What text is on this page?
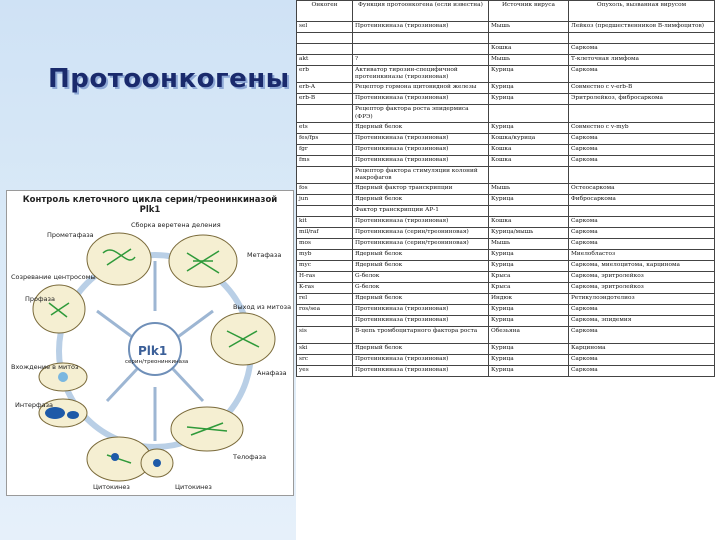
Протоонкогены
Контроль клеточного цикла серин/треонинкиназой Plk1
Plk1
серин/треонинкиназа
Сборка веретена деления
Прометафаза
Созревание центросомы
Метафаза
Профаза
Выход из митоза
Вхождение в митоз
Анафаза
Интерфаза
Телофаза
Цитокинез	Цитокинез
Онкоген	Функция протоонкогена (если известна)	Источник вируса	Опухоль, вызванная вирусом
sel	Протеинкиназа (тирозиновая)	Мышь	Лейкоз (предшественников В-лимфоцитов)

		Кошка	Саркома
akt	?	Мышь	Т-клеточная лимфома
erb	Активатор тирозин-специфичной протеинкиназы (тирозиновая)	Курица	Саркома
erb-A	Рецептор гормона щитовидной железы	Курица	Совместно с v-erb-B
erb-B	Протеинкиназа (тирозиновая)	Курица	Эритролейкоз, фибросаркома
	Рецептор фактора роста эпидермиса (ФРЭ)		
ets	Ядерный белок	Курица	Совместно с v-myb
fes/fps	Протеинкиназа (тирозиновая)	Кошка/курица	Саркома
fgr	Протеинкиназа (тирозиновая)	Кошка	Саркома
fms	Протеинкиназа (тирозиновая)	Кошка	Саркома
	Рецептор фактора стимуляции колоний макрофагов		
fos	Ядерный фактор транскрипции	Мышь	Остеосаркома
jun	Ядерный белок	Курица	Фибросаркома
	Фактор транскрипции АР-1		
kit	Протеинкиназа (тирозиновая)	Кошка	Саркома
mil/raf	Протеинкиназа (серин/треониновая)	Курица/мышь	Саркома
mos	Протеинкиназа (серин/треониновая)	Мышь	Саркома
myb	Ядерный белок	Курица	Миелобластоз
myc	Ядерный белок	Курица	Саркома, миелоцитома, карцинома
H-ras	G-белок	Крыса	Саркома, эритролейкоз
K-ras	G-белок	Крыса	Саркома, эритролейкоз
rel	Ядерный белок	Индюк	Ретикулоэндотелиоз
ros/sea	Протеинкиназа (тирозиновая)	Курица	Саркома
	Протеинкиназа (тирозиновая)	Курица	Саркома, эпидемия
sis	В-цепь тромбоцитарного фактора роста	Обезьяна	Саркома
ski	Ядерный белок	Курица	Карцинома
src	Протеинкиназа (тирозиновая)	Курица	Саркома
yes	Протеинкиназа (тирозиновая)	Курица	Саркома
